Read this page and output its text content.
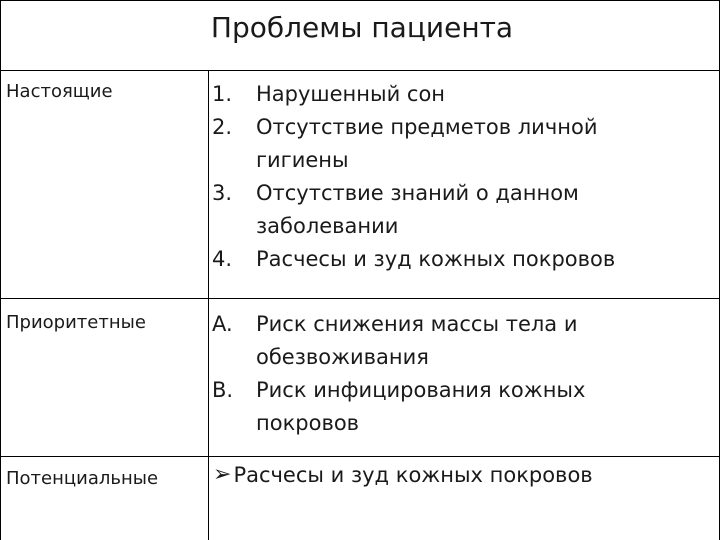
Проблемы пациента
Настоящие	1. Нарушенный сон
2. Отсутствие предметов личной
гигиены
3. Отсутствие знаний о данном
заболевании
4. Расчесы и зуд кожных покровов
Приоритетные	A. Риск снижения массы тела и
обезвоживания
B. Риск инфицирования кожных
покровов
Потенциальные ➢ Расчесы и зуд кожных покровов
